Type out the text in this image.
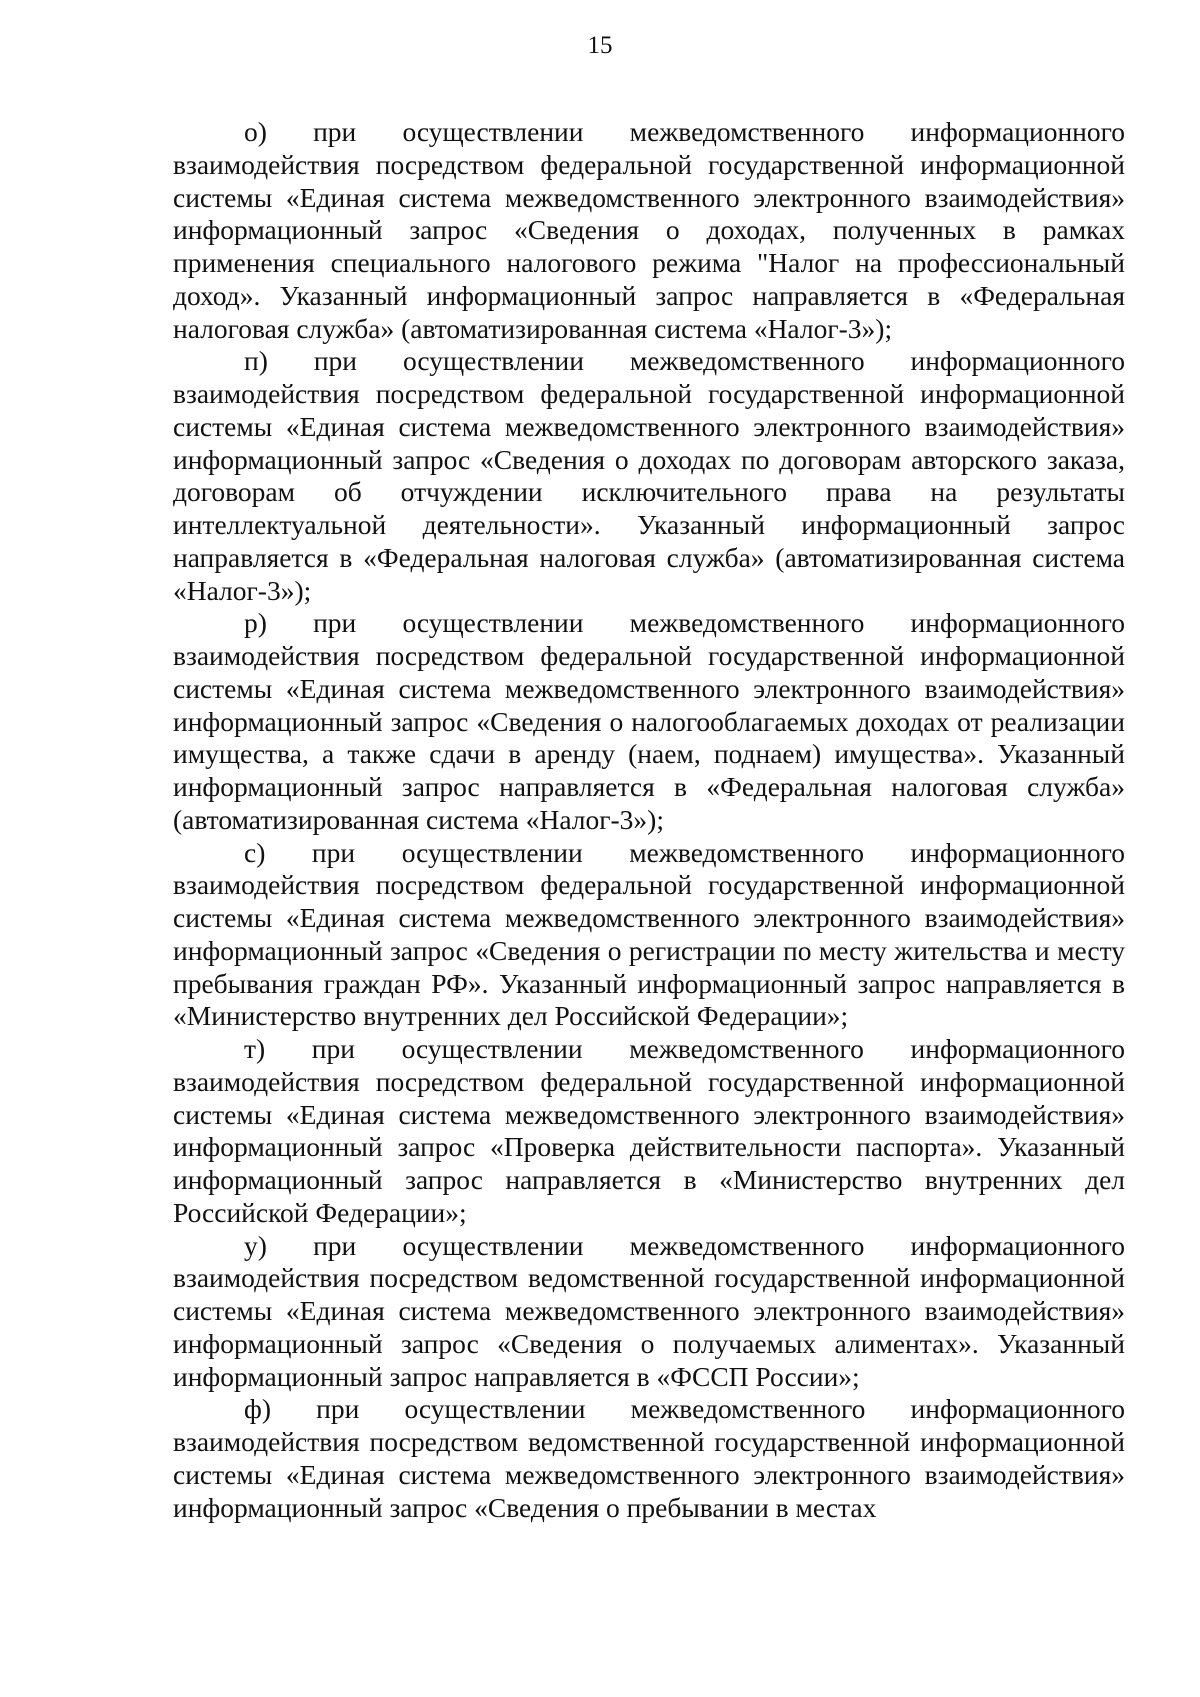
15

о) при осуществлении межведомственного информационного взаимодействия посредством федеральной государственной информационной системы «Единая система межведомственного электронного взаимодействия» информационный запрос «Сведения о доходах, полученных в рамках применения специального налогового режима "Налог на профессиональный доход». Указанный информационный запрос направляется в «Федеральная налоговая служба» (автоматизированная система «Налог-3»);

п) при осуществлении межведомственного информационного взаимодействия посредством федеральной государственной информационной системы «Единая система межведомственного электронного взаимодействия» информационный запрос «Сведения о доходах по договорам авторского заказа, договорам об отчуждении исключительного права на результаты интеллектуальной деятельности». Указанный информационный запрос направляется в «Федеральная налоговая служба» (автоматизированная система «Налог-3»);

р) при осуществлении межведомственного информационного взаимодействия посредством федеральной государственной информационной системы «Единая система межведомственного электронного взаимодействия» информационный запрос «Сведения о налогооблагаемых доходах от реализации имущества, а также сдачи в аренду (наем, поднаем) имущества». Указанный информационный запрос направляется в «Федеральная налоговая служба» (автоматизированная система «Налог-3»);

с) при осуществлении межведомственного информационного взаимодействия посредством федеральной государственной информационной системы «Единая система межведомственного электронного взаимодействия» информационный запрос «Сведения о регистрации по месту жительства и месту пребывания граждан РФ». Указанный информационный запрос направляется в «Министерство внутренних дел Российской Федерации»;

т) при осуществлении межведомственного информационного взаимодействия посредством федеральной государственной информационной системы «Единая система межведомственного электронного взаимодействия» информационный запрос «Проверка действительности паспорта». Указанный информационный запрос направляется в «Министерство внутренних дел Российской Федерации»;

у) при осуществлении межведомственного информационного взаимодействия посредством ведомственной государственной информационной системы «Единая система межведомственного электронного взаимодействия» информационный запрос «Сведения о получаемых алиментах». Указанный информационный запрос направляется в «ФССП России»;

ф) при осуществлении межведомственного информационного взаимодействия посредством ведомственной государственной информационной системы «Единая система межведомственного электронного взаимодействия» информационный запрос «Сведения о пребывании в местах
